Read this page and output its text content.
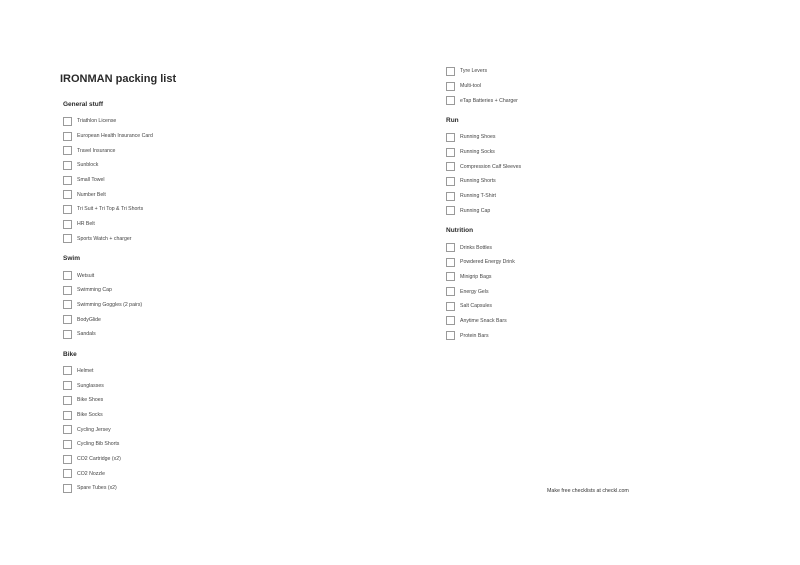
IRONMAN packing list
General stuff
Triathlon License
European Health Insurance Card
Travel Insurance
Sunblock
Small Towel
Number Belt
Tri Suit + Tri Top & Tri Shorts
HR Belt
Sports Watch + charger
Swim
Wetsuit
Swimming Cap
Swimming Goggles (2 pairs)
BodyGlide
Sandals
Bike
Helmet
Sunglasses
Bike Shoes
Bike Socks
Cycling Jersey
Cycling Bib Shorts
CO2 Cartridge (x2)
CO2 Nozzle
Spare Tubes (x2)
Tyre Levers
Multi-tool
eTap Batteries + Charger
Run
Running Shoes
Running Socks
Compression Calf Sleeves
Running Shorts
Running T-Shirt
Running Cap
Nutrition
Drinks Bottles
Powdered Energy Drink
Minigrip Bags
Energy Gels
Salt Capsules
Anytime Snack Bars
Protein Bars
Make free checklists at checkl.com
